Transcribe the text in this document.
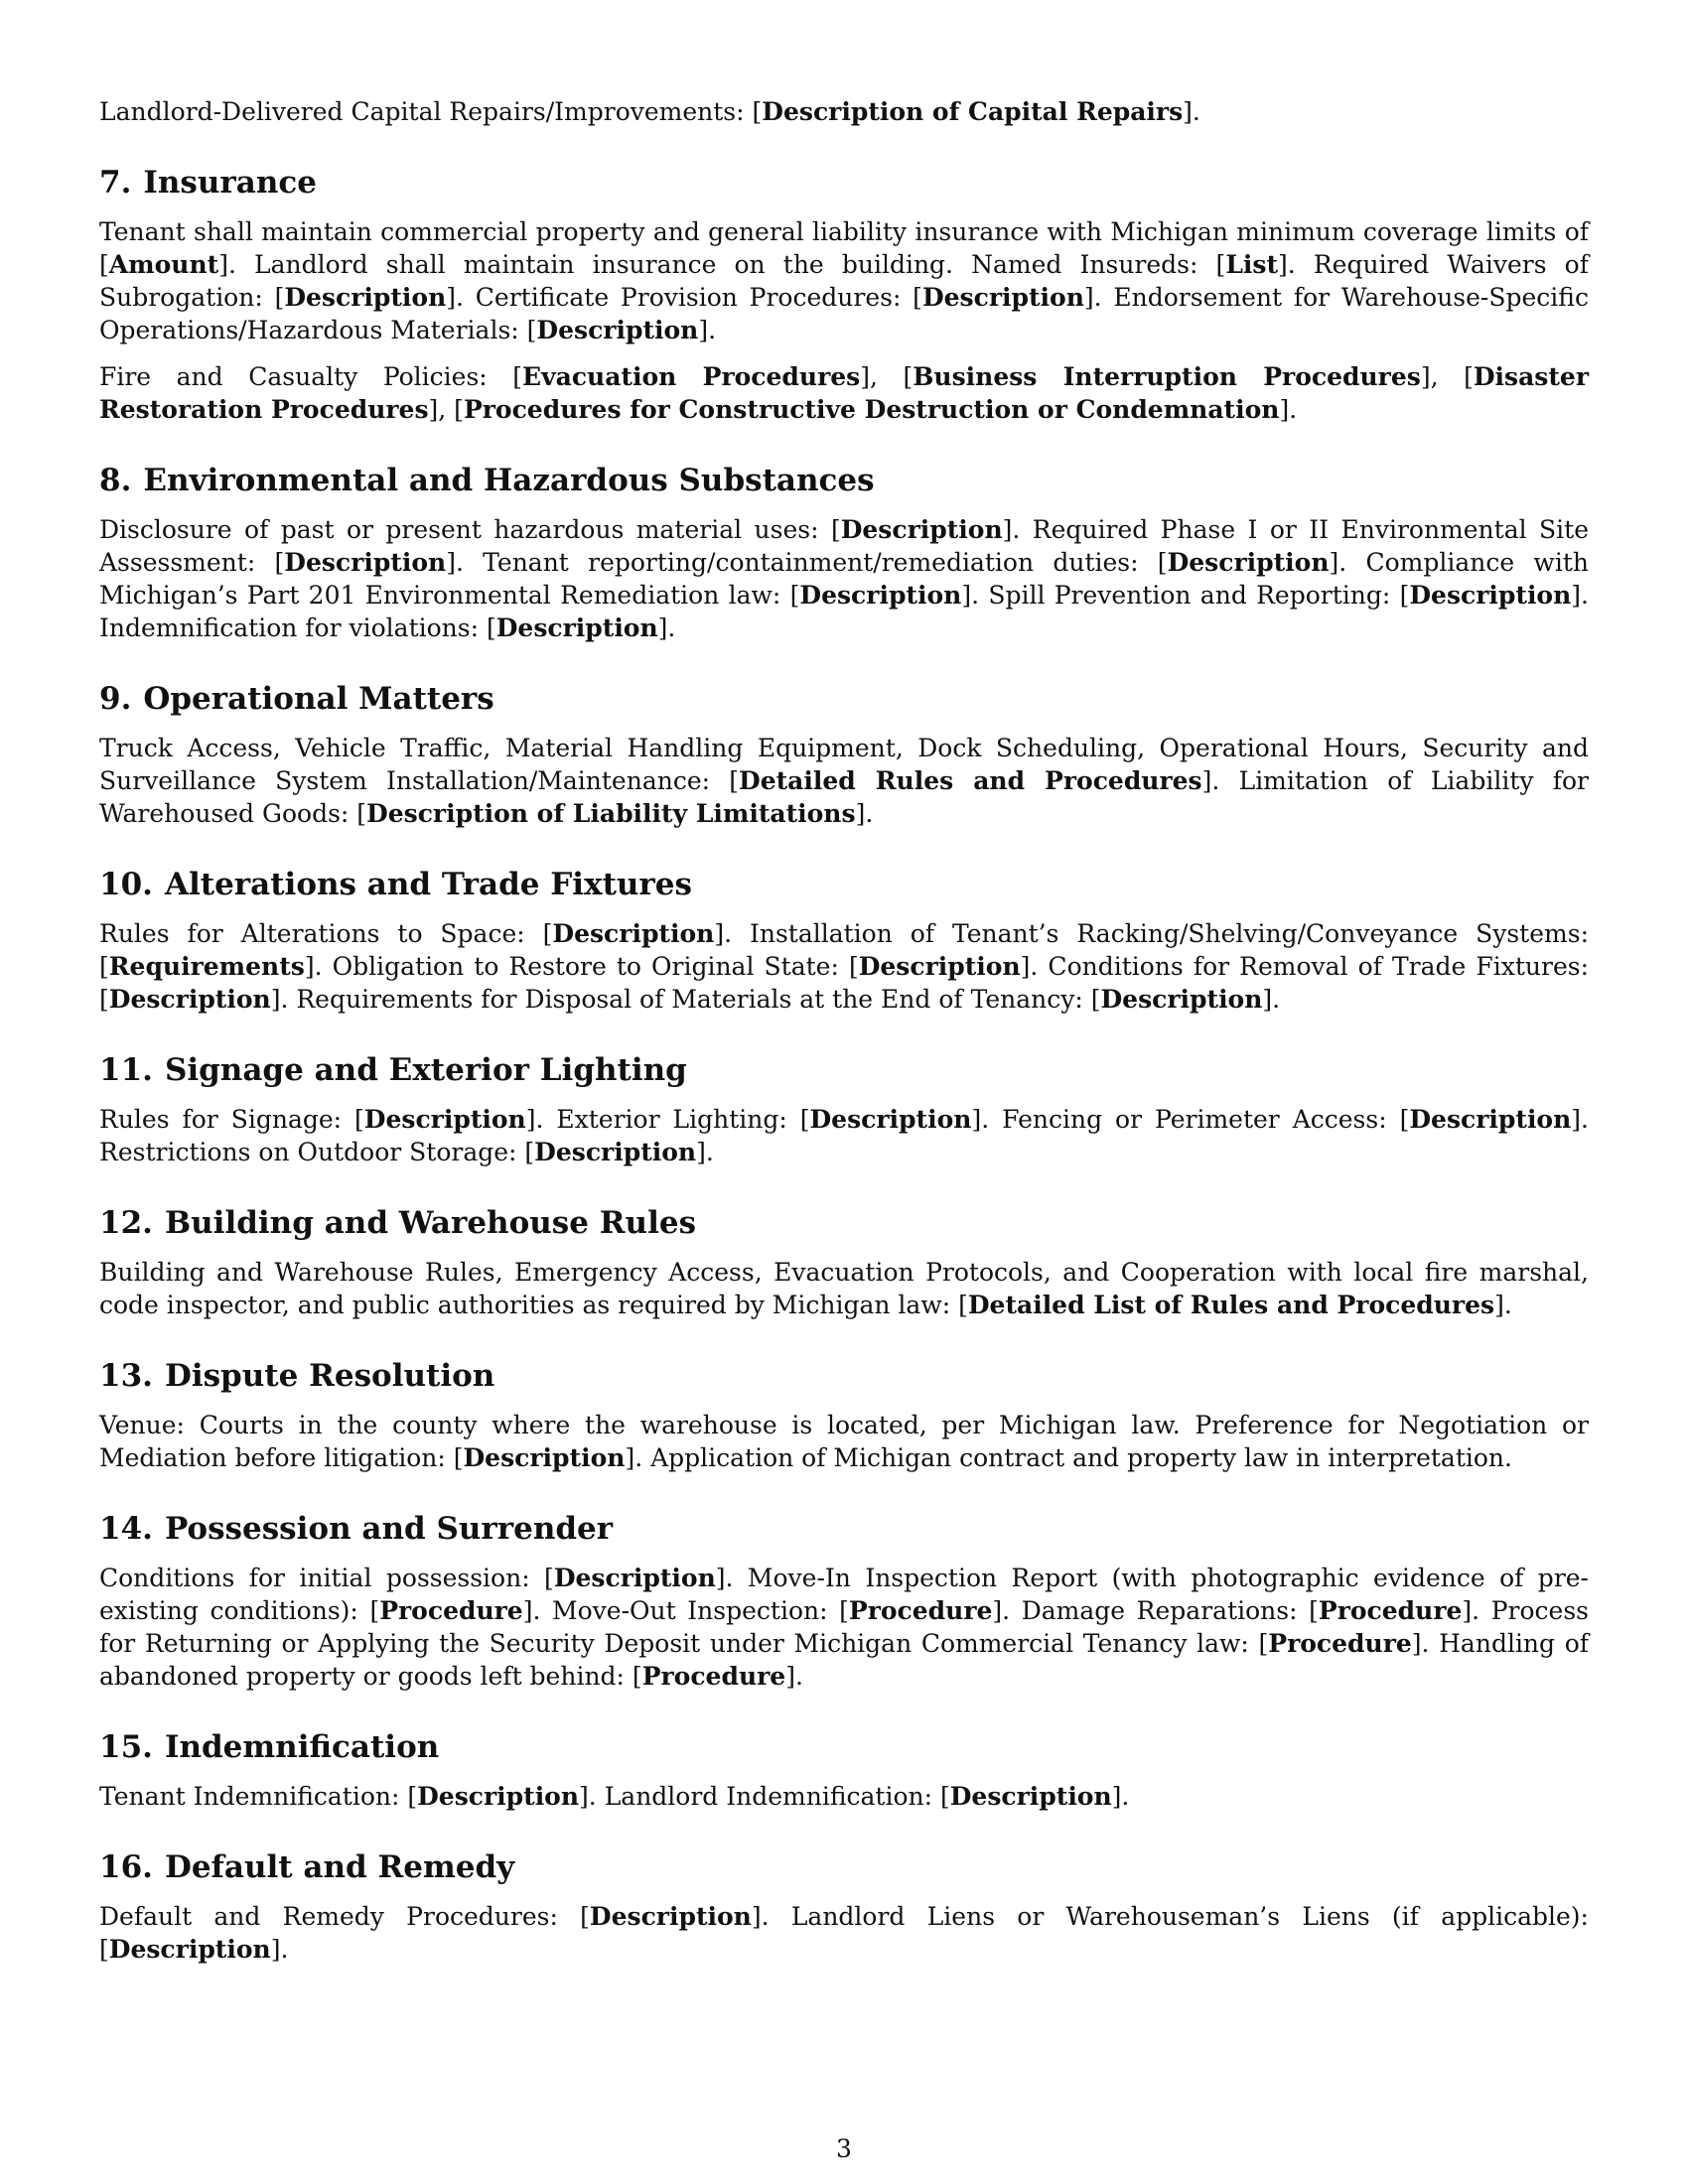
Landlord-Delivered Capital Repairs/Improvements: [Description of Capital Repairs].

7. Insurance

Tenant shall maintain commercial property and general liability insurance with Michigan minimum coverage limits of [Amount]. Landlord shall maintain insurance on the building. Named Insureds: [List]. Required Waivers of Subrogation: [Description]. Certificate Provision Procedures: [Description]. Endorsement for Warehouse-Specific Operations/Hazardous Materials: [Description].

Fire and Casualty Policies: [Evacuation Procedures], [Business Interruption Procedures], [Disaster Restoration Procedures], [Procedures for Constructive Destruction or Condemnation].

8. Environmental and Hazardous Substances

Disclosure of past or present hazardous material uses: [Description]. Required Phase I or II Environmental Site Assessment: [Description]. Tenant reporting/containment/remediation duties: [Description]. Compliance with Michigan’s Part 201 Environmental Remediation law: [Description]. Spill Prevention and Reporting: [Description]. Indemnification for violations: [Description].

9. Operational Matters

Truck Access, Vehicle Traffic, Material Handling Equipment, Dock Scheduling, Operational Hours, Security and Surveillance System Installation/Maintenance: [Detailed Rules and Procedures]. Limitation of Liability for Warehoused Goods: [Description of Liability Limitations].

10. Alterations and Trade Fixtures

Rules for Alterations to Space: [Description]. Installation of Tenant’s Racking/Shelving/Conveyance Systems: [Requirements]. Obligation to Restore to Original State: [Description]. Conditions for Removal of Trade Fixtures: [Description]. Requirements for Disposal of Materials at the End of Tenancy: [Description].

11. Signage and Exterior Lighting

Rules for Signage: [Description]. Exterior Lighting: [Description]. Fencing or Perimeter Access: [Description]. Restrictions on Outdoor Storage: [Description].

12. Building and Warehouse Rules

Building and Warehouse Rules, Emergency Access, Evacuation Protocols, and Cooperation with local fire marshal, code inspector, and public authorities as required by Michigan law: [Detailed List of Rules and Procedures].

13. Dispute Resolution

Venue: Courts in the county where the warehouse is located, per Michigan law. Preference for Negotiation or Mediation before litigation: [Description]. Application of Michigan contract and property law in interpretation.

14. Possession and Surrender

Conditions for initial possession: [Description]. Move-In Inspection Report (with photographic evidence of pre-existing conditions): [Procedure]. Move-Out Inspection: [Procedure]. Damage Reparations: [Procedure]. Process for Returning or Applying the Security Deposit under Michigan Commercial Tenancy law: [Procedure]. Handling of abandoned property or goods left behind: [Procedure].

15. Indemnification

Tenant Indemnification: [Description]. Landlord Indemnification: [Description].

16. Default and Remedy

Default and Remedy Procedures: [Description]. Landlord Liens or Warehouseman’s Liens (if applicable): [Description].

3
